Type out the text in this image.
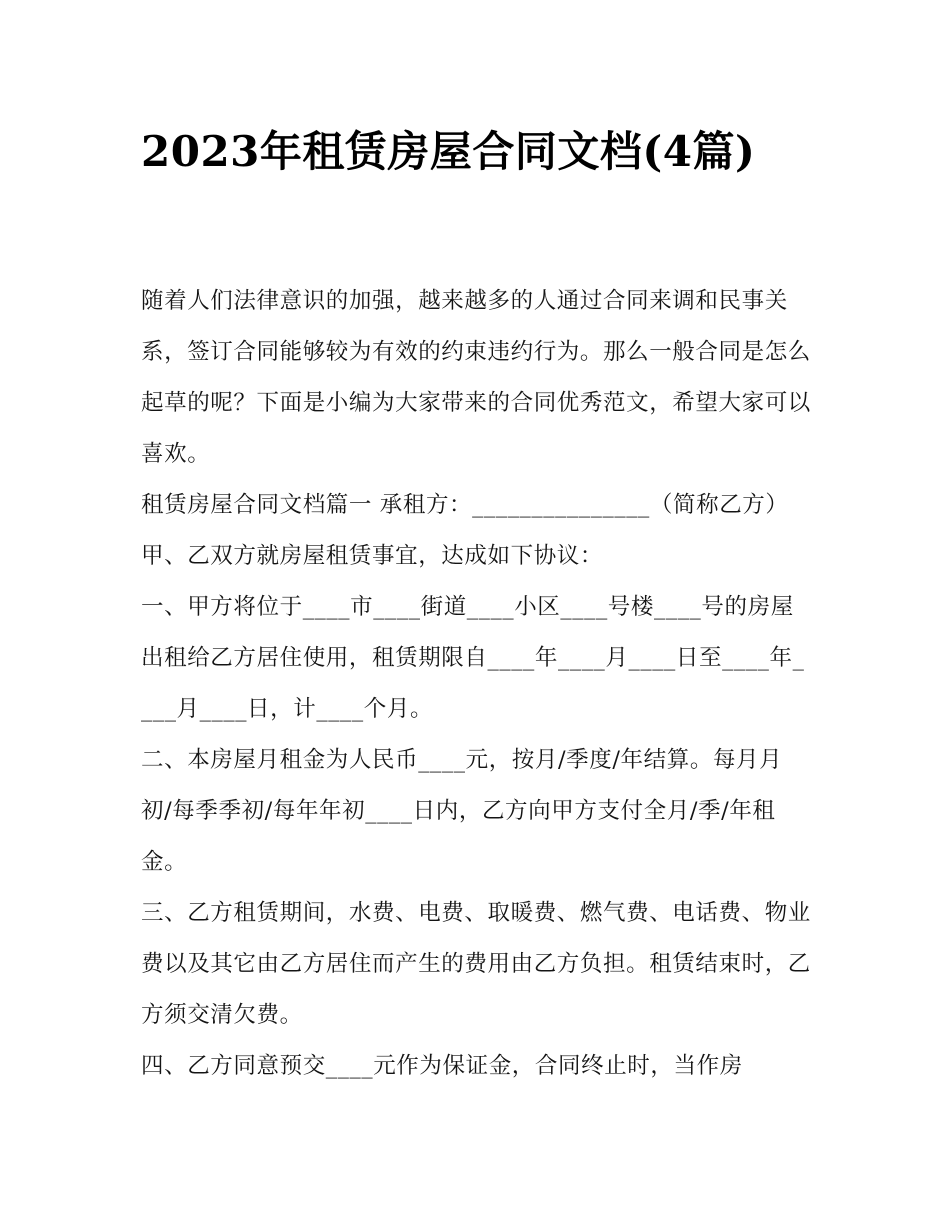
2023年租赁房屋合同文档(4篇)

随着人们法律意识的加强，越来越多的人通过合同来调和民事关系，签订合同能够较为有效的约束违约行为。那么一般合同是怎么起草的呢？下面是小编为大家带来的合同优秀范文，希望大家可以喜欢。

租赁房屋合同文档篇一 承租方：_______________（简称乙方） 甲、乙双方就房屋租赁事宜，达成如下协议：

一、甲方将位于____市____街道____小区____号楼____号的房屋出租给乙方居住使用，租赁期限自____年____月____日至____年____月____日，计____个月。

二、本房屋月租金为人民币____元，按月/季度/年结算。每月月初/每季季初/每年年初____日内，乙方向甲方支付全月/季/年租金。

三、乙方租赁期间，水费、电费、取暖费、燃气费、电话费、物业费以及其它由乙方居住而产生的费用由乙方负担。租赁结束时，乙方须交清欠费。

四、乙方同意预交____元作为保证金，合同终止时，当作房
